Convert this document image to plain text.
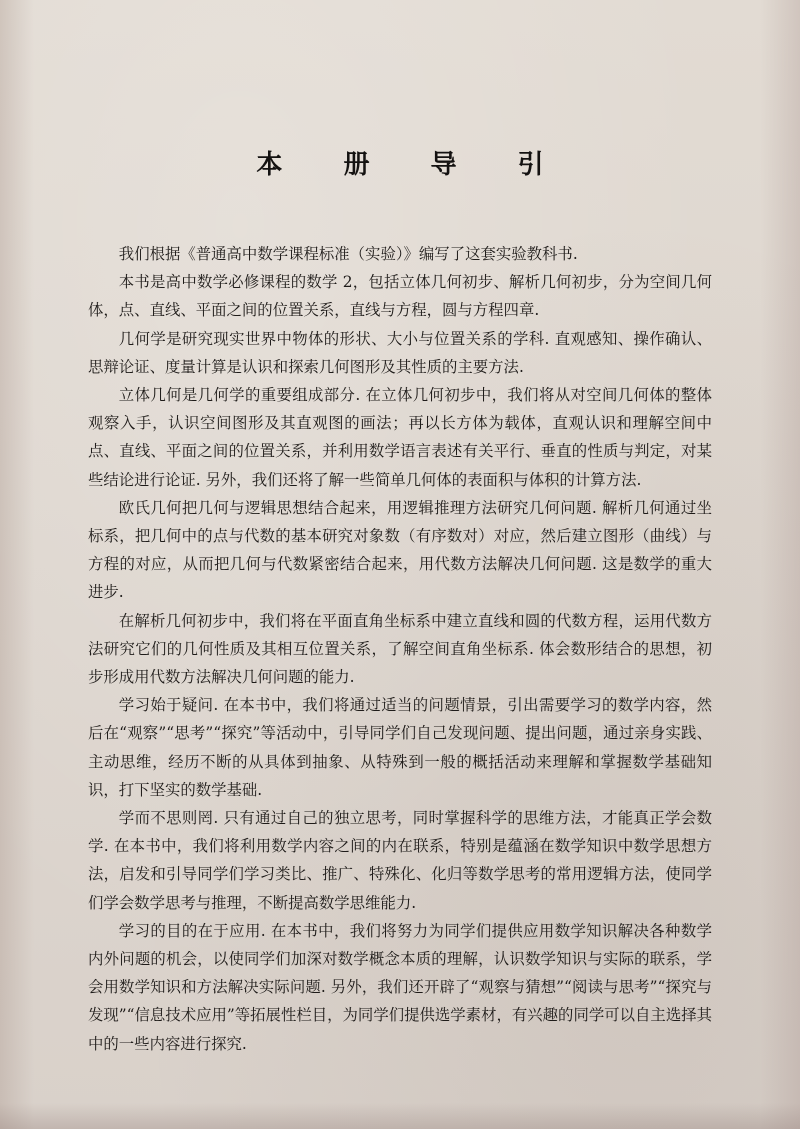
本 册 导 引

我们根据《普通高中数学课程标准（实验）》编写了这套实验教科书.

本书是高中数学必修课程的数学 2，包括立体几何初步、解析几何初步，分为空间几何体，点、直线、平面之间的位置关系，直线与方程，圆与方程四章.

几何学是研究现实世界中物体的形状、大小与位置关系的学科. 直观感知、操作确认、思辩论证、度量计算是认识和探索几何图形及其性质的主要方法.

立体几何是几何学的重要组成部分. 在立体几何初步中，我们将从对空间几何体的整体观察入手，认识空间图形及其直观图的画法；再以长方体为载体，直观认识和理解空间中点、直线、平面之间的位置关系，并利用数学语言表述有关平行、垂直的性质与判定，对某些结论进行论证. 另外，我们还将了解一些简单几何体的表面积与体积的计算方法.

欧氏几何把几何与逻辑思想结合起来，用逻辑推理方法研究几何问题. 解析几何通过坐标系，把几何中的点与代数的基本研究对象数（有序数对）对应，然后建立图形（曲线）与方程的对应，从而把几何与代数紧密结合起来，用代数方法解决几何问题. 这是数学的重大进步.

在解析几何初步中，我们将在平面直角坐标系中建立直线和圆的代数方程，运用代数方法研究它们的几何性质及其相互位置关系，了解空间直角坐标系. 体会数形结合的思想，初步形成用代数方法解决几何问题的能力.

学习始于疑问. 在本书中，我们将通过适当的问题情景，引出需要学习的数学内容，然后在“观察”“思考”“探究”等活动中，引导同学们自己发现问题、提出问题，通过亲身实践、主动思维，经历不断的从具体到抽象、从特殊到一般的概括活动来理解和掌握数学基础知识，打下坚实的数学基础.

学而不思则罔. 只有通过自己的独立思考，同时掌握科学的思维方法，才能真正学会数学. 在本书中，我们将利用数学内容之间的内在联系，特别是蕴涵在数学知识中数学思想方法，启发和引导同学们学习类比、推广、特殊化、化归等数学思考的常用逻辑方法，使同学们学会数学思考与推理，不断提高数学思维能力.

学习的目的在于应用. 在本书中，我们将努力为同学们提供应用数学知识解决各种数学内外问题的机会，以使同学们加深对数学概念本质的理解，认识数学知识与实际的联系，学会用数学知识和方法解决实际问题. 另外，我们还开辟了“观察与猜想”“阅读与思考”“探究与发现”“信息技术应用”等拓展性栏目，为同学们提供选学素材，有兴趣的同学可以自主选择其中的一些内容进行探究.
